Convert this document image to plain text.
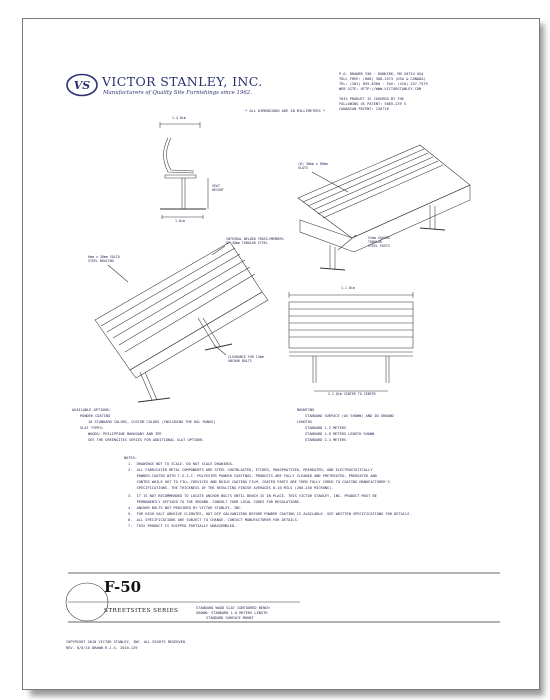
VS VICTOR STANLEY, INC.
Manufacturers of Quality Site Furnishings since 1962.
P.O. DRAWER 330 · DUNKIRK, MD 20754 USA
TOLL FREE: (800) 368-2573 (USA & CANADA)
TEL: (301) 855-8300 · FAX: (410) 257-7579
WEB SITE: HTTP://WWW.VICTORSTANLEY.COM
THIS PRODUCT IS COVERED BY THE
FOLLOWING US PATENT: 5865,239 S
CANADIAN PATENT: 126716
* ALL DIMENSIONS ARE IN MILLIMETERS *
1.4 Dim
1.Dim
SEAT
HEIGHT
(6) 38mm x 89mm
SLATS
51mm SQUARE
TUBULAR
STEEL POSTS
INTEGRAL WELDED CROSS-MEMBERS
OF 48mm TUBULAR STEEL
6mm x 38mm SOLID
STEEL BRACING
CLEARANCE FOR 13mm
ANCHOR BOLTS
1.1 Dim
2.1 Dim CENTER TO CENTER
AVAILABLE OPTIONS:
POWDER COATING
10 STANDARD COLORS, CUSTOM COLORS (INCLUDING THE RAL RANGE)
SLAT TYPES:
WOODS: PHILIPPINE MAHOGANY AND IPE
SEE THE GREENSITES SERIES FOR ADDITIONAL SLAT OPTIONS
MOUNTING
STANDARD SURFACE (AS SHOWN) AND IN GROUND
LENGTHS
STANDARD 1.2 METERS
STANDARD 1.8 METERS LENGTH SHOWN
STANDARD 2.4 METERS
NOTES:
1.  DRAWINGS NOT TO SCALE. DO NOT SCALE DRAWINGS.
2.  ALL FABRICATED METAL COMPONENTS ARE STEEL SHOTBLASTED, ETCHED, PHOSPHATIZED, PREHEATED, AND ELECTROSTATICALLY
POWDER-COATED WITH T.G.I.C. POLYESTER POWDER COATINGS. PRODUCTS ARE FULLY CLEANED AND PRETREATED, PREHEATED AND
CONTED WHILE HOT TO FILL CREVICES AND BUILD COATING FILM. COATED PARTS ARE THEN FULLY CURED TO COATING MANUFACTURER'S
SPECIFICATIONS. THE THICKNESS OF THE RESULTING FINISH AVERAGES 8-10 MILS (200-250 MICRONS).
3.  IT IS NOT RECOMMENDED TO LOCATE ANCHOR BOLTS UNTIL BENCH IS IN PLACE. THIS VICTOR STANLEY, INC. PRODUCT MUST BE
PERMANENTLY AFFIXED TO THE GROUND. CONSULT YOUR LOCAL CODES FOR REGULATIONS.
4.  ANCHOR BOLTS NOT PROVIDED BY VICTOR STANLEY, INC.
5.  FOR HIGH SALT ABUSIVE CLIMATES, HOT DIP GALVANIZING BEFORE POWDER COATING IS AVAILABLE. SEE WRITTEN SPECIFICATIONS FOR DETAILS.
6.  ALL SPECIFICATIONS ARE SUBJECT TO CHANGE. CONTACT MANUFACTURER FOR DETAILS.
7.  THIS PRODUCT IS SHIPPED PARTIALLY UNASSEMBLED.
F-50
STREETSITES SERIES	STANDARD WOOD SLAT CONTOURED BENCH
SHOWN: STANDARD 1.8 METERS LENGTH
STANDARD SURFACE MOUNT
COPYRIGHT 2010 VICTOR STANLEY, INC. ALL RIGHTS RESERVED.
REV. 6/0/10 DRAWN R.J.S. 2010-129
